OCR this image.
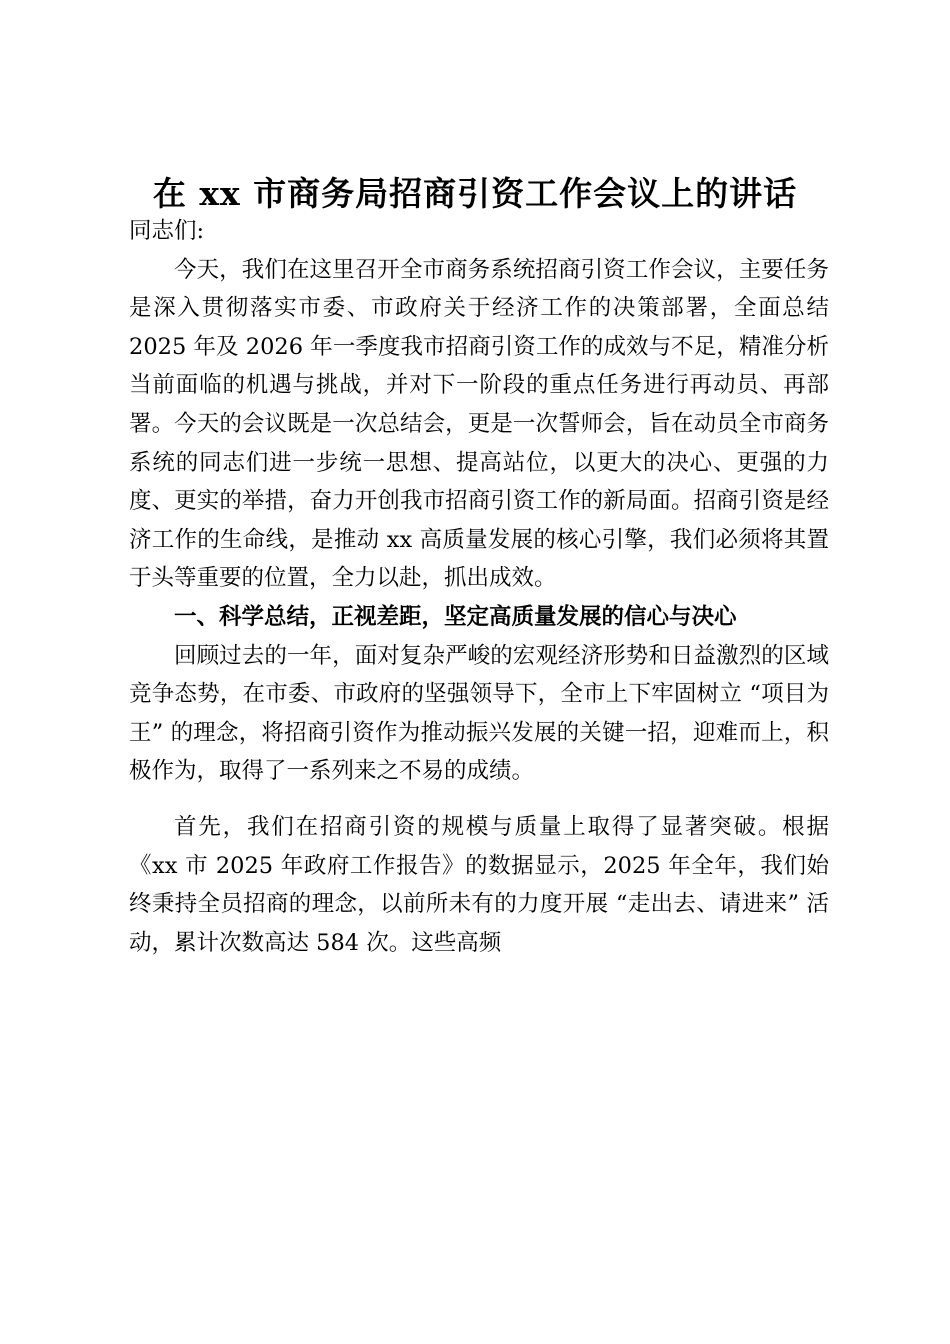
在 xx 市商务局招商引资工作会议上的讲话

同志们:

今天，我们在这里召开全市商务系统招商引资工作会议，主要任务是深入贯彻落实市委、市政府关于经济工作的决策部署，全面总结 2025 年及 2026 年一季度我市招商引资工作的成效与不足，精准分析当前面临的机遇与挑战，并对下一阶段的重点任务进行再动员、再部署。今天的会议既是一次总结会，更是一次誓师会，旨在动员全市商务系统的同志们进一步统一思想、提高站位，以更大的决心、更强的力度、更实的举措，奋力开创我市招商引资工作的新局面。招商引资是经济工作的生命线，是推动 xx 高质量发展的核心引擎，我们必须将其置于头等重要的位置，全力以赴，抓出成效。

一、科学总结，正视差距，坚定高质量发展的信心与决心

回顾过去的一年，面对复杂严峻的宏观经济形势和日益激烈的区域竞争态势，在市委、市政府的坚强领导下，全市上下牢固树立 “项目为王” 的理念，将招商引资作为推动振兴发展的关键一招，迎难而上，积极作为，取得了一系列来之不易的成绩。

首先，我们在招商引资的规模与质量上取得了显著突破。根据《xx 市 2025 年政府工作报告》的数据显示，2025 年全年，我们始终秉持全员招商的理念，以前所未有的力度开展 “走出去、请进来” 活动，累计次数高达 584 次。这些高频
